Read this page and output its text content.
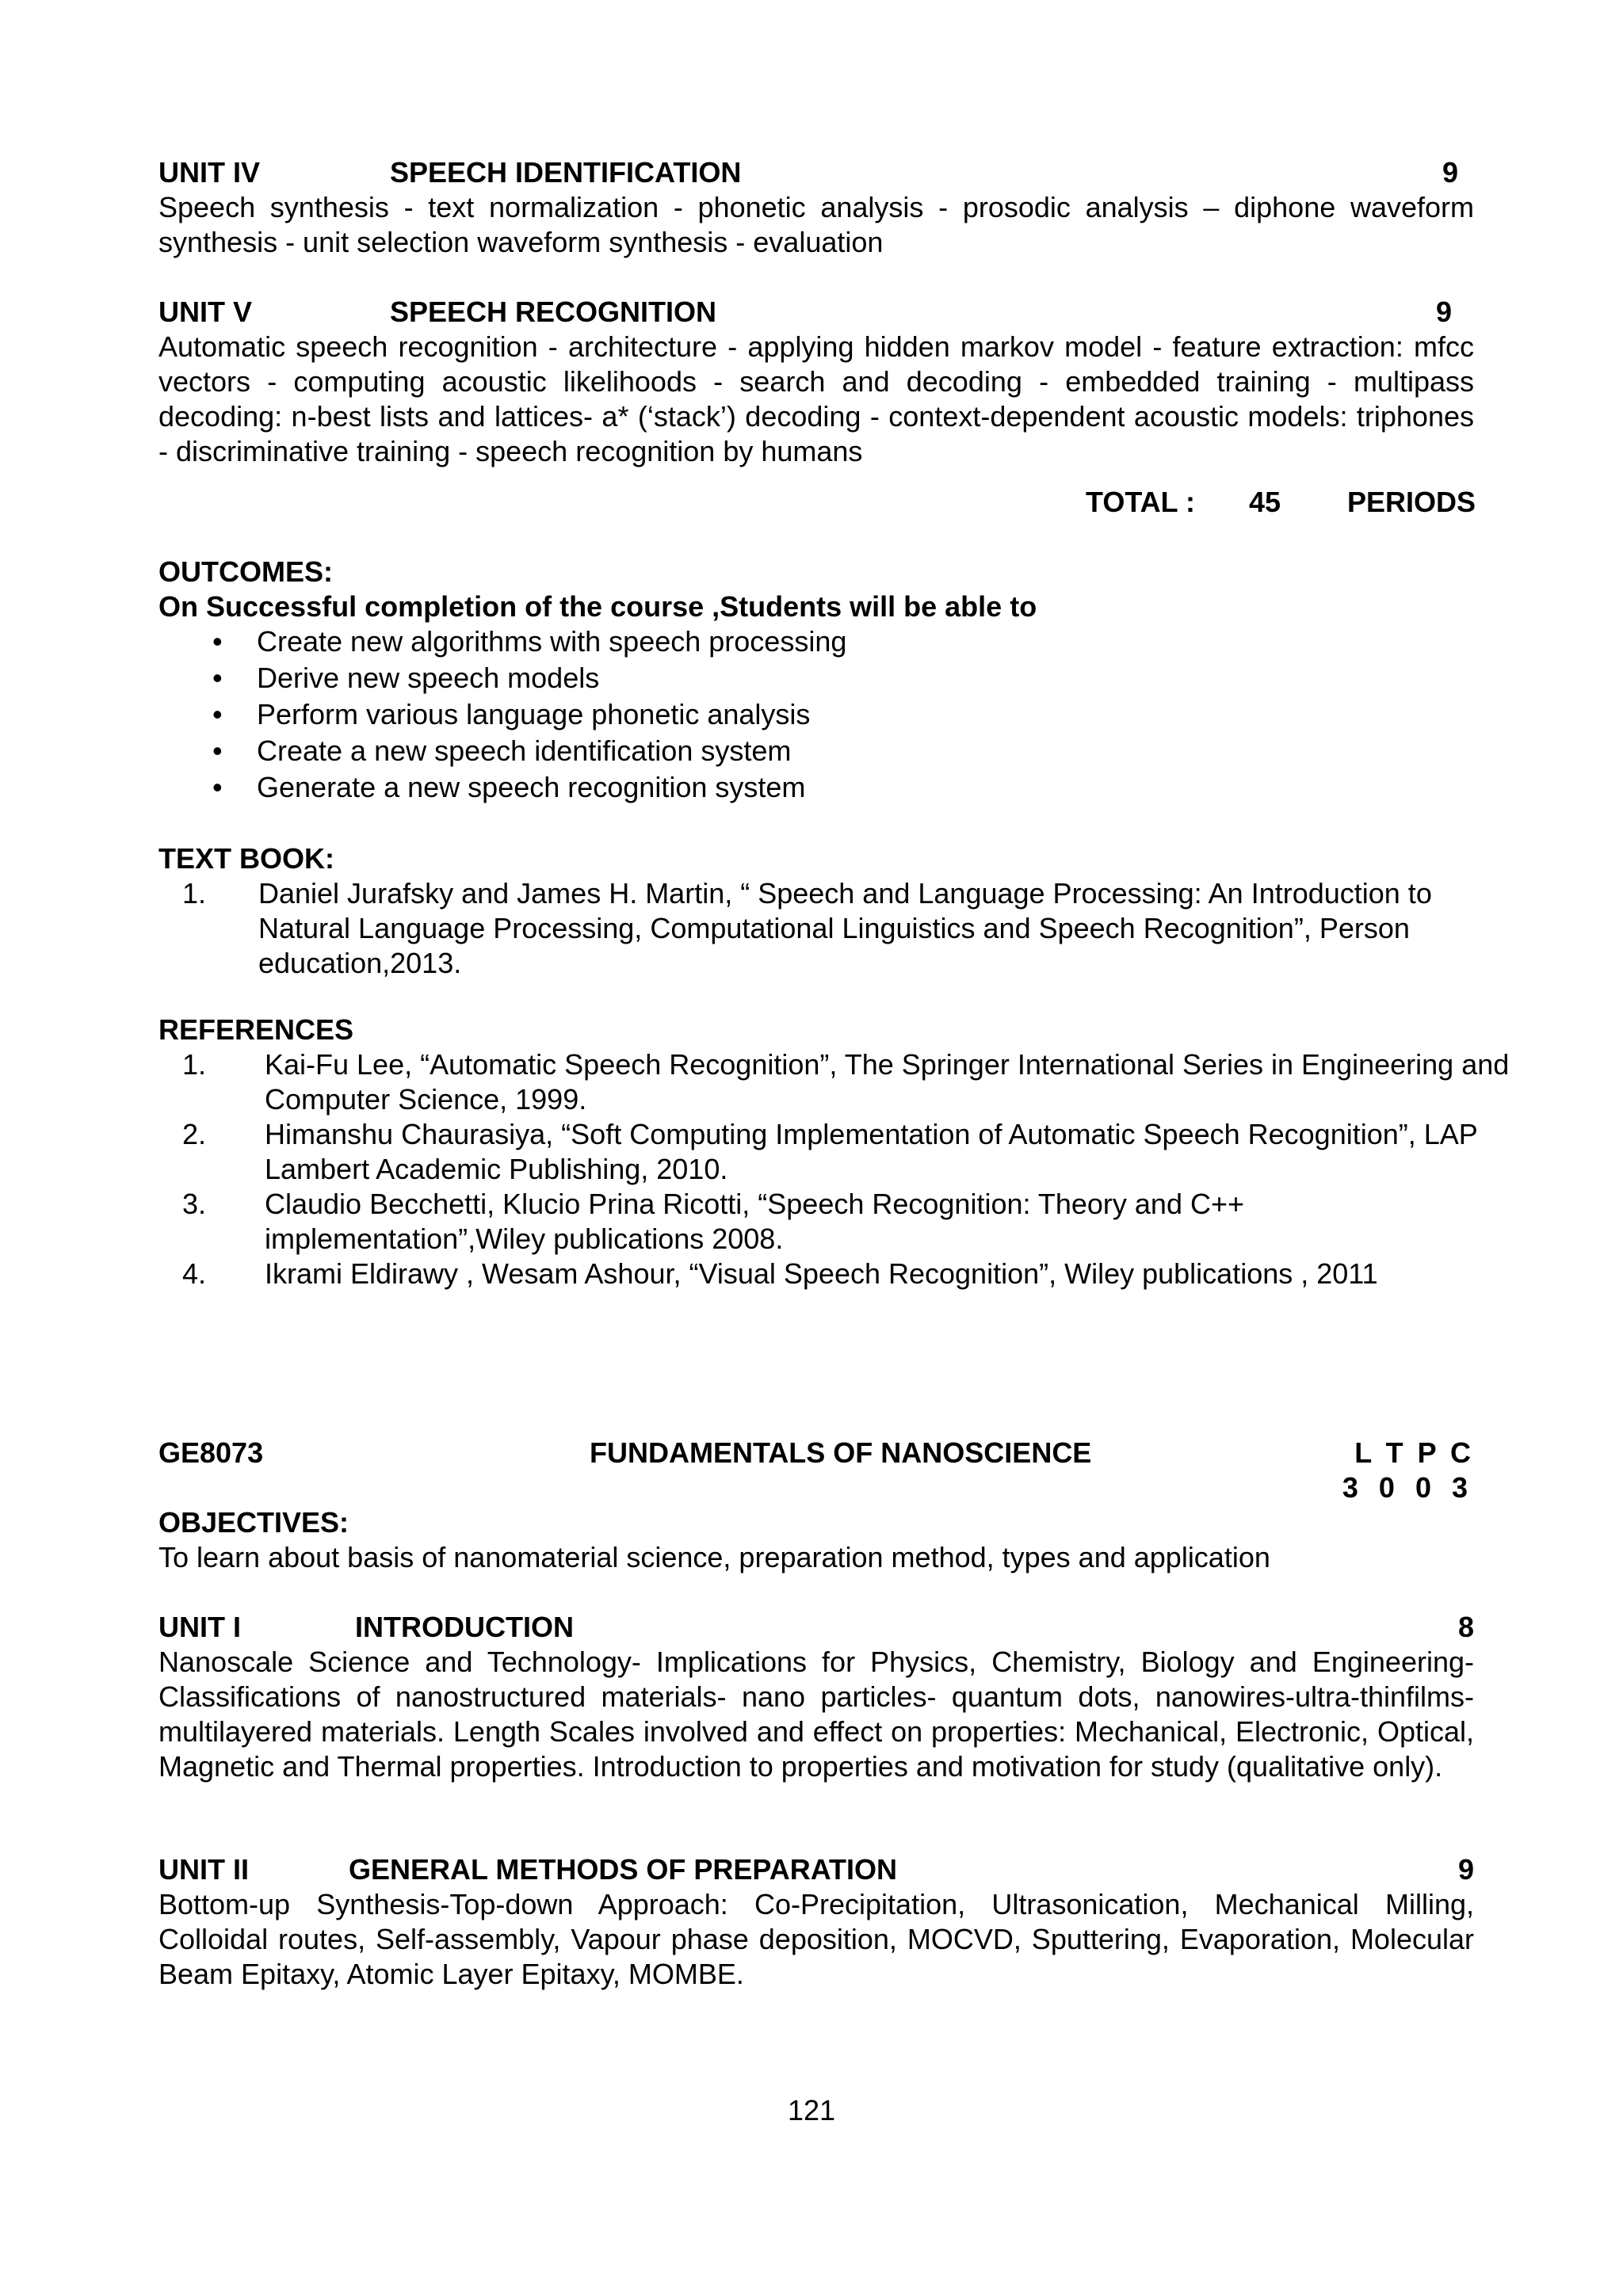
UNIT IV	SPEECH IDENTIFICATION	9
Speech synthesis - text normalization - phonetic analysis - prosodic analysis – diphone waveform synthesis - unit selection waveform synthesis - evaluation
UNIT V	SPEECH RECOGNITION	9
Automatic speech recognition - architecture - applying hidden markov model - feature extraction: mfcc vectors - computing acoustic likelihoods - search and decoding - embedded training - multipass decoding: n-best lists and lattices- a* (‘stack’) decoding - context-dependent acoustic models: triphones - discriminative training - speech recognition by humans
TOTAL : 45 PERIODS
OUTCOMES:
On Successful completion of the course ,Students will be able to
• Create new algorithms with speech processing
• Derive new speech models
• Perform various language phonetic analysis
• Create a new speech identification system
• Generate a new speech recognition system
TEXT BOOK:
1. Daniel Jurafsky and James H. Martin, “ Speech and Language Processing: An Introduction to Natural Language Processing, Computational Linguistics and Speech Recognition”, Person education,2013.
REFERENCES
1. Kai-Fu Lee, “Automatic Speech Recognition”, The Springer International Series in Engineering and Computer Science, 1999.
2. Himanshu Chaurasiya, “Soft Computing Implementation of Automatic Speech Recognition”, LAP Lambert Academic Publishing, 2010.
3. Claudio Becchetti, Klucio Prina Ricotti, “Speech Recognition: Theory and C++ implementation”,Wiley publications 2008.
4. Ikrami Eldirawy , Wesam Ashour, “Visual Speech Recognition”, Wiley publications , 2011
GE8073	FUNDAMENTALS OF NANOSCIENCE	L T P C
3 0 0 3
OBJECTIVES:
To learn about basis of nanomaterial science, preparation method, types and application
UNIT I	INTRODUCTION	8
Nanoscale Science and Technology- Implications for Physics, Chemistry, Biology and Engineering-Classifications of nanostructured materials- nano particles- quantum dots, nanowires-ultra-thinfilms-multilayered materials. Length Scales involved and effect on properties: Mechanical, Electronic, Optical, Magnetic and Thermal properties. Introduction to properties and motivation for study (qualitative only).
UNIT II	GENERAL METHODS OF PREPARATION	9
Bottom-up Synthesis-Top-down Approach: Co-Precipitation, Ultrasonication, Mechanical Milling, Colloidal routes, Self-assembly, Vapour phase deposition, MOCVD, Sputtering, Evaporation, Molecular Beam Epitaxy, Atomic Layer Epitaxy, MOMBE.
121
